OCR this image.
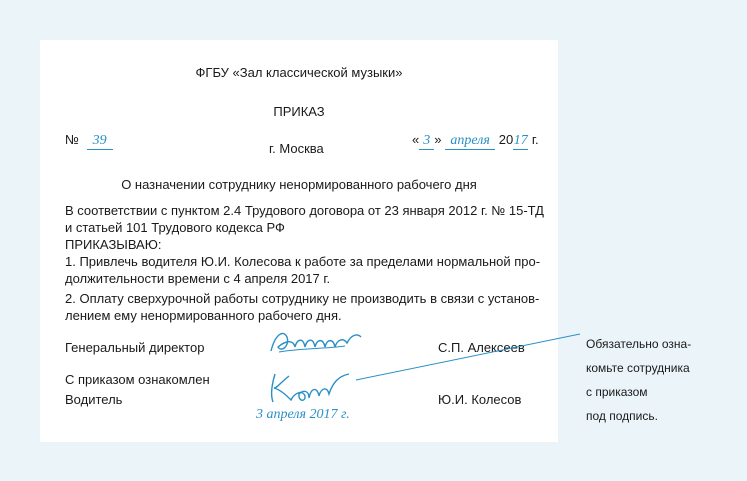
ФГБУ «Зал классической музыки»
ПРИКАЗ
№ 39
г. Москва
« 3 » апреля 2017 г.
О назначении сотруднику ненормированного рабочего дня
В соответствии с пунктом 2.4 Трудового договора от 23 января 2012 г. № 15-ТД
и статьей 101 Трудового кодекса РФ
ПРИКАЗЫВАЮ:
1. Привлечь водителя Ю.И. Колесова к работе за пределами нормальной про-
должительности времени с 4 апреля 2017 г.
2. Оплату сверхурочной работы сотруднику не производить в связи с установ-
лением ему ненормированного рабочего дня.
Генеральный директор	С.П. Алексеев
С приказом ознакомлен
Водитель	Ю.И. Колесов
3 апреля 2017 г.
Обязательно озна-
комьте сотрудника
с приказом
под подпись.
